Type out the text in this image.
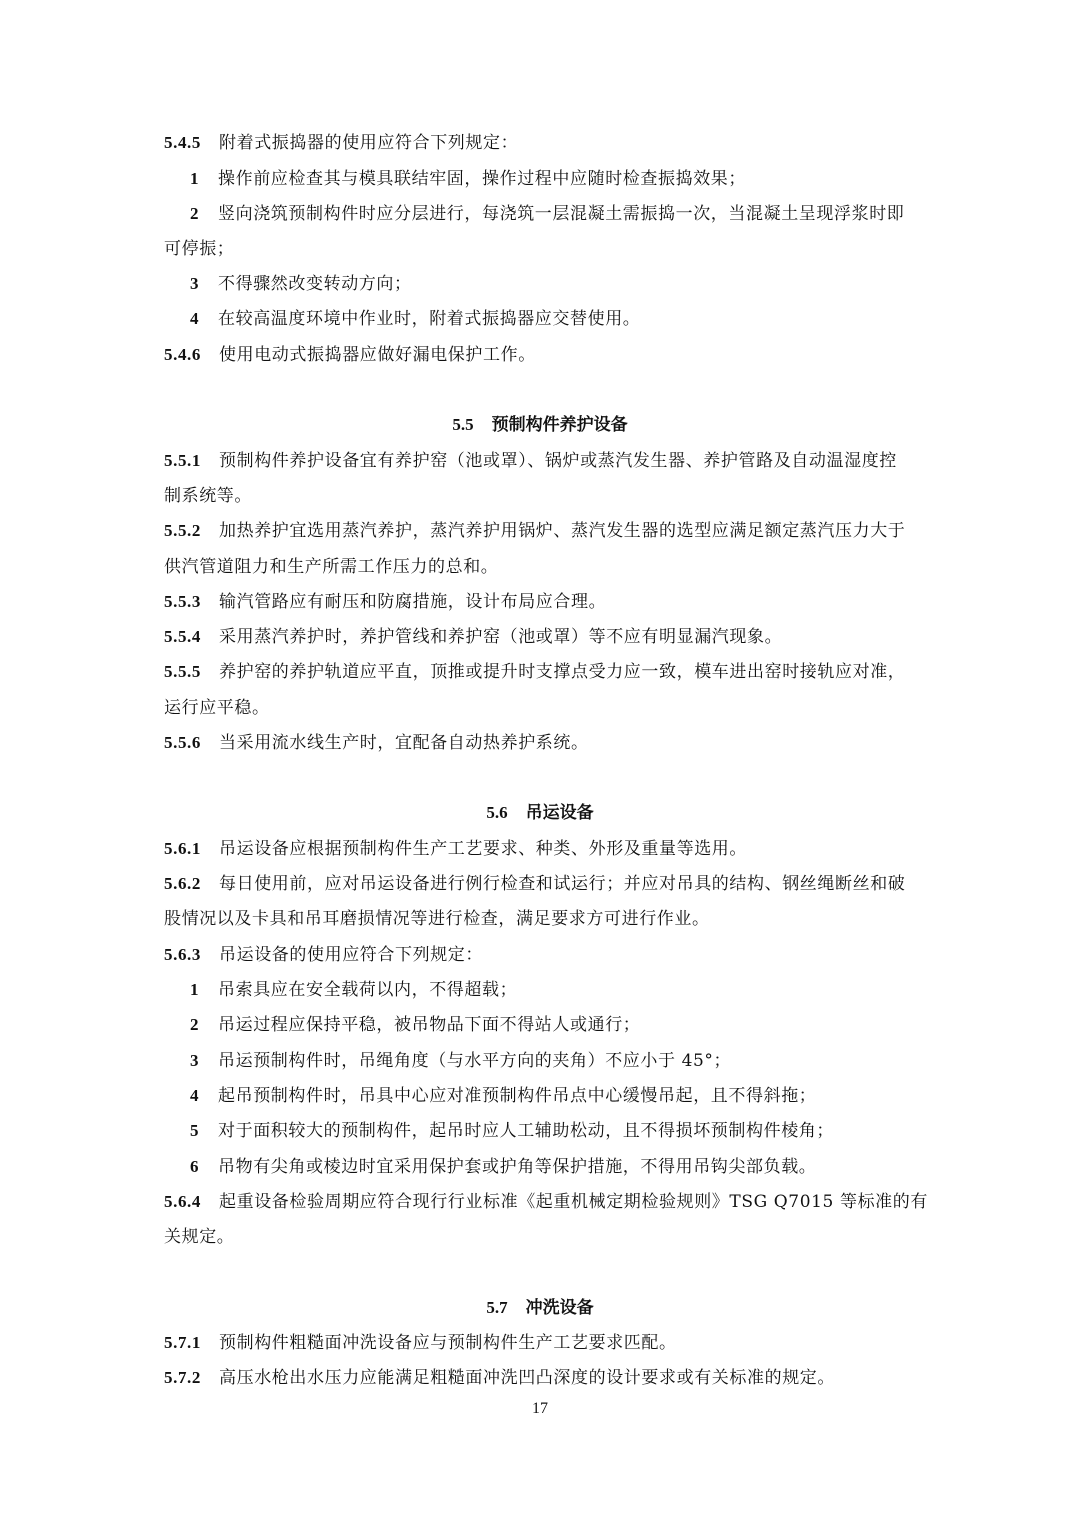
5.4.5 附着式振捣器的使用应符合下列规定：
1 操作前应检查其与模具联结牢固，操作过程中应随时检查振捣效果；
2 竖向浇筑预制构件时应分层进行，每浇筑一层混凝土需振捣一次，当混凝土呈现浮浆时即
可停振；
3 不得骤然改变转动方向；
4 在较高温度环境中作业时，附着式振捣器应交替使用。
5.4.6 使用电动式振捣器应做好漏电保护工作。
5.5 预制构件养护设备
5.5.1 预制构件养护设备宜有养护窑（池或罩）、锅炉或蒸汽发生器、养护管路及自动温湿度控
制系统等。
5.5.2 加热养护宜选用蒸汽养护，蒸汽养护用锅炉、蒸汽发生器的选型应满足额定蒸汽压力大于
供汽管道阻力和生产所需工作压力的总和。
5.5.3 输汽管路应有耐压和防腐措施，设计布局应合理。
5.5.4 采用蒸汽养护时，养护管线和养护窑（池或罩）等不应有明显漏汽现象。
5.5.5 养护窑的养护轨道应平直，顶推或提升时支撑点受力应一致，模车进出窑时接轨应对准，
运行应平稳。
5.5.6 当采用流水线生产时，宜配备自动热养护系统。
5.6 吊运设备
5.6.1 吊运设备应根据预制构件生产工艺要求、种类、外形及重量等选用。
5.6.2 每日使用前，应对吊运设备进行例行检查和试运行；并应对吊具的结构、钢丝绳断丝和破
股情况以及卡具和吊耳磨损情况等进行检查，满足要求方可进行作业。
5.6.3 吊运设备的使用应符合下列规定：
1 吊索具应在安全载荷以内，不得超载；
2 吊运过程应保持平稳，被吊物品下面不得站人或通行；
3 吊运预制构件时，吊绳角度（与水平方向的夹角）不应小于 45°；
4 起吊预制构件时，吊具中心应对准预制构件吊点中心缓慢吊起，且不得斜拖；
5 对于面积较大的预制构件，起吊时应人工辅助松动，且不得损坏预制构件棱角；
6 吊物有尖角或棱边时宜采用保护套或护角等保护措施，不得用吊钩尖部负载。
5.6.4 起重设备检验周期应符合现行行业标准《起重机械定期检验规则》TSG Q7015 等标准的有
关规定。
5.7 冲洗设备
5.7.1 预制构件粗糙面冲洗设备应与预制构件生产工艺要求匹配。
5.7.2 高压水枪出水压力应能满足粗糙面冲洗凹凸深度的设计要求或有关标准的规定。
17
